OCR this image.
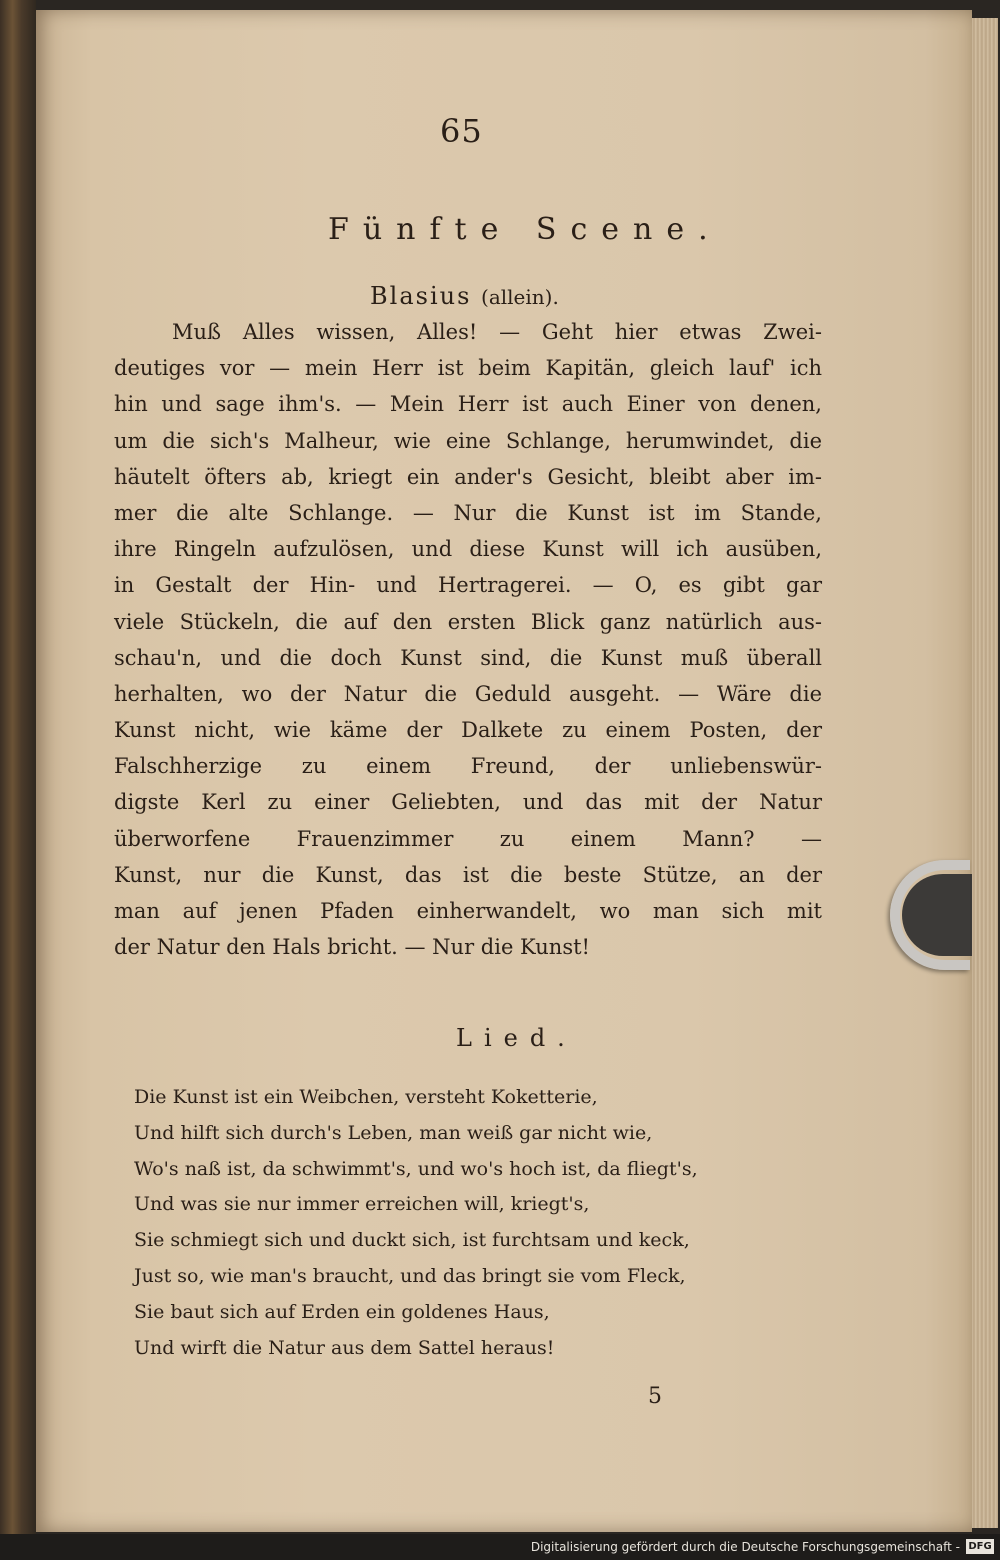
65
Fünfte Scene.
Blasius (allein).
Muß Alles wissen, Alles! — Geht hier etwas Zwei-
deutiges vor — mein Herr ist beim Kapitän, gleich lauf' ich
hin und sage ihm's. — Mein Herr ist auch Einer von denen,
um die sich's Malheur, wie eine Schlange, herumwindet, die
häutelt öfters ab, kriegt ein ander's Gesicht, bleibt aber im-
mer die alte Schlange. — Nur die Kunst ist im Stande,
ihre Ringeln aufzulösen, und diese Kunst will ich ausüben,
in Gestalt der Hin- und Hertragerei. — O, es gibt gar
viele Stückeln, die auf den ersten Blick ganz natürlich aus-
schau'n, und die doch Kunst sind, die Kunst muß überall
herhalten, wo der Natur die Geduld ausgeht. — Wäre die
Kunst nicht, wie käme der Dalkete zu einem Posten, der
Falschherzige zu einem Freund, der unliebenswür-
digste Kerl zu einer Geliebten, und das mit der Natur
überworfene Frauenzimmer zu einem Mann? —
Kunst, nur die Kunst, das ist die beste Stütze, an der
man auf jenen Pfaden einherwandelt, wo man sich mit
der Natur den Hals bricht. — Nur die Kunst!
Lied.
Die Kunst ist ein Weibchen, versteht Koketterie,
Und hilft sich durch's Leben, man weiß gar nicht wie,
Wo's naß ist, da schwimmt's, und wo's hoch ist, da fliegt's,
Und was sie nur immer erreichen will, kriegt's,
Sie schmiegt sich und duckt sich, ist furchtsam und keck,
Just so, wie man's braucht, und das bringt sie vom Fleck,
Sie baut sich auf Erden ein goldenes Haus,
Und wirft die Natur aus dem Sattel heraus!
5
Digitalisierung gefördert durch die Deutsche Forschungsgemeinschaft - DFG
